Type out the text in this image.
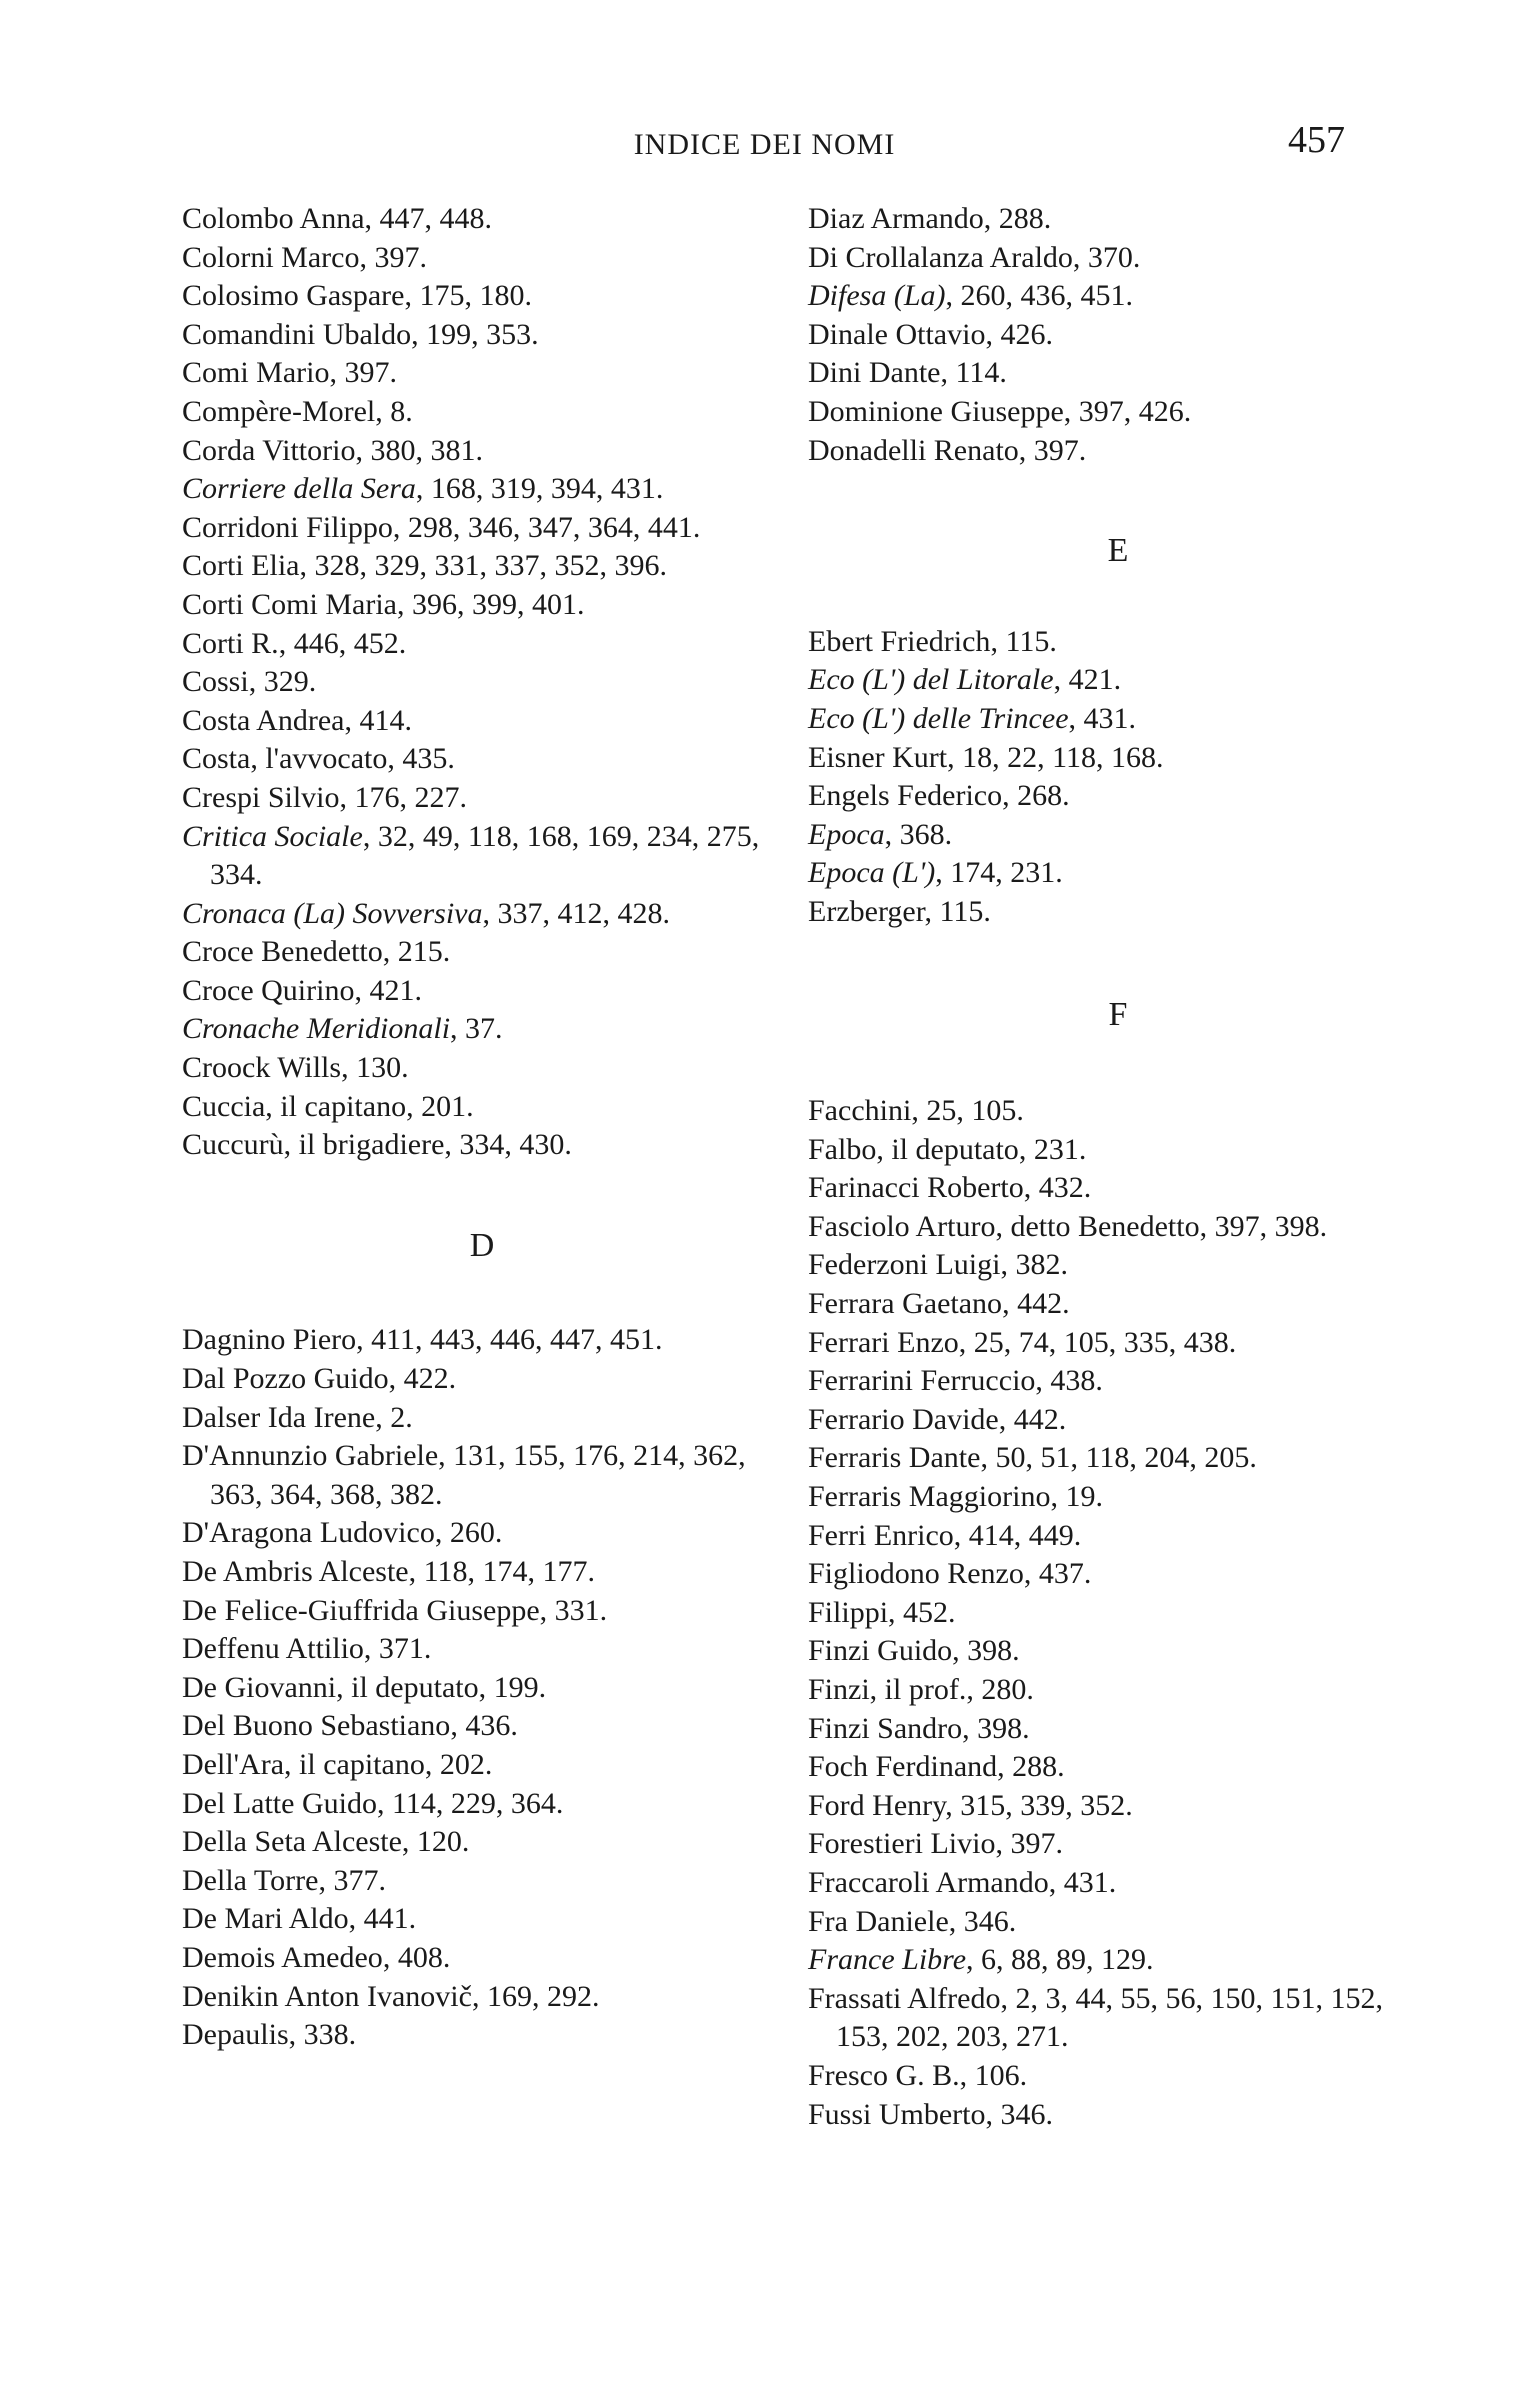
INDICE DEI NOMI	457
Colombo Anna, 447, 448.
Colorni Marco, 397.
Colosimo Gaspare, 175, 180.
Comandini Ubaldo, 199, 353.
Comi Mario, 397.
Compère-Morel, 8.
Corda Vittorio, 380, 381.
Corriere della Sera, 168, 319, 394, 431.
Corridoni Filippo, 298, 346, 347, 364, 441.
Corti Elia, 328, 329, 331, 337, 352, 396.
Corti Comi Maria, 396, 399, 401.
Corti R., 446, 452.
Cossi, 329.
Costa Andrea, 414.
Costa, l'avvocato, 435.
Crespi Silvio, 176, 227.
Critica Sociale, 32, 49, 118, 168, 169, 234, 275, 334.
Cronaca (La) Sovversiva, 337, 412, 428.
Croce Benedetto, 215.
Croce Quirino, 421.
Cronache Meridionali, 37.
Croock Wills, 130.
Cuccia, il capitano, 201.
Cuccurù, il brigadiere, 334, 430.
D
Dagnino Piero, 411, 443, 446, 447, 451.
Dal Pozzo Guido, 422.
Dalser Ida Irene, 2.
D'Annunzio Gabriele, 131, 155, 176, 214, 362, 363, 364, 368, 382.
D'Aragona Ludovico, 260.
De Ambris Alceste, 118, 174, 177.
De Felice-Giuffrida Giuseppe, 331.
Deffenu Attilio, 371.
De Giovanni, il deputato, 199.
Del Buono Sebastiano, 436.
Dell'Ara, il capitano, 202.
Del Latte Guido, 114, 229, 364.
Della Seta Alceste, 120.
Della Torre, 377.
De Mari Aldo, 441.
Demois Amedeo, 408.
Denikin Anton Ivanovič, 169, 292.
Depaulis, 338.
Diaz Armando, 288.
Di Crollalanza Araldo, 370.
Difesa (La), 260, 436, 451.
Dinale Ottavio, 426.
Dini Dante, 114.
Dominione Giuseppe, 397, 426.
Donadelli Renato, 397.
E
Ebert Friedrich, 115.
Eco (L') del Litorale, 421.
Eco (L') delle Trincee, 431.
Eisner Kurt, 18, 22, 118, 168.
Engels Federico, 268.
Epoca, 368.
Epoca (L'), 174, 231.
Erzberger, 115.
F
Facchini, 25, 105.
Falbo, il deputato, 231.
Farinacci Roberto, 432.
Fasciolo Arturo, detto Benedetto, 397, 398.
Federzoni Luigi, 382.
Ferrara Gaetano, 442.
Ferrari Enzo, 25, 74, 105, 335, 438.
Ferrarini Ferruccio, 438.
Ferrario Davide, 442.
Ferraris Dante, 50, 51, 118, 204, 205.
Ferraris Maggiorino, 19.
Ferri Enrico, 414, 449.
Figliodono Renzo, 437.
Filippi, 452.
Finzi Guido, 398.
Finzi, il prof., 280.
Finzi Sandro, 398.
Foch Ferdinand, 288.
Ford Henry, 315, 339, 352.
Forestieri Livio, 397.
Fraccaroli Armando, 431.
Fra Daniele, 346.
France Libre, 6, 88, 89, 129.
Frassati Alfredo, 2, 3, 44, 55, 56, 150, 151, 152, 153, 202, 203, 271.
Fresco G. B., 106.
Fussi Umberto, 346.
